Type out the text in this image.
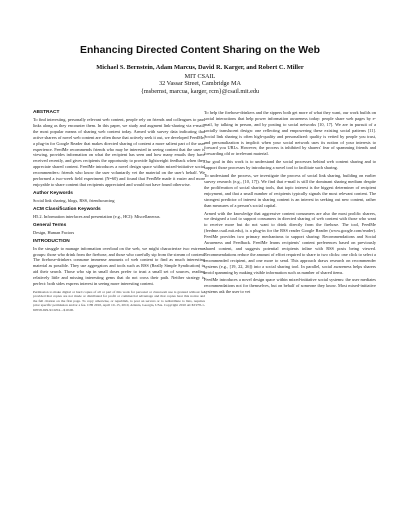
Enhancing Directed Content Sharing on the Web
Michael S. Bernstein, Adam Marcus, David R. Karger, and Robert C. Miller
MIT CSAIL
32 Vassar Street, Cambridge MA
{msbernst, marcua, karger, rcm}@csail.mit.edu
ABSTRACT

To find interesting, personally relevant web content, people rely on friends and colleagues to pass links along as they encounter them. In this paper, we study and augment link-sharing via e-mail, the most popular means of sharing web content today. Armed with survey data indicating that active sharers of novel web content are often those that actively seek it out, we developed FeedMe, a plug-in for Google Reader that makes directed sharing of content a more salient part of the user experience. FeedMe recommends friends who may be interested in seeing content that the user is viewing, provides information on what the recipient has seen and how many emails they have received recently, and gives recipients the opportunity to provide lightweight feedback when they appreciate shared content. FeedMe introduces a novel design space within mixed-initiative social recommenders: friends who know the user voluntarily vet the material on the user's behalf. We performed a two-week field experiment (N=60) and found that FeedMe made it easier and more enjoyable to share content that recipients appreciated and would not have found otherwise.

Author Keywords

Social link sharing, blogs, RSS, friendsourcing

ACM Classification Keywords

H5.2. Information interfaces and presentation (e.g., HCI): Miscellaneous.

General Terms

Design, Human Factors

INTRODUCTION

In the struggle to manage information overload on the web, we might characterize two extreme groups: those who drink from the firehose, and those who carefully sip from the stream of content. The firehose-drinkers consume immense amounts of web content to find as much interesting material as possible. They use aggregators and tools such as RSS (Really Simple Syndication) to aid their search. Those who sip in small doses prefer to trust a small set of sources, reading relatively little and missing interesting gems that do not cross their path. Neither strategy is perfect: both sides express interest in seeing more interesting content.

Permission to make digital or hard copies of all or part of this work for personal or classroom use is granted without fee provided that copies are not made or distributed for profit or commercial advantage and that copies bear this notice and the full citation on the first page. To copy otherwise, or republish, to post on servers or to redistribute to lists, requires prior specific permission and/or a fee. CHI 2010, April 10–15, 2010, Atlanta, Georgia, USA. Copyright 2010 ACM 978-1-60558-929-9/10/04....$10.00.

To help the firehose-drinkers and the sippers both get more of what they want, our work builds on social interactions that help power information awareness today: people share web pages by e-mail, by talking in person, and by posting to social networks [10, 17]. We are in pursuit of a socially translucent design: one reflecting and empowering these existing social patterns [11]. Social link sharing is often high-quality and personalized: quality is vetted by people you trust, and personalization is implicit when your social network uses its notion of your interests to forward you URLs. However, the process is inhibited by sharers' fear of spamming friends and forwarding old or irrelevant material.

Our goal in this work is to understand the social processes behind web content sharing and to support those processes by introducing a novel tool to facilitate such sharing.

To understand the process, we investigate the process of social link sharing, building on earlier survey research (e.g., [10, 17]). We find that e-mail is still the dominant sharing medium despite the proliferation of social sharing tools, that topic interest is the biggest determiner of recipient enjoyment, and that a small number of recipients typically signals the most relevant content. The strongest predictor of interest in sharing content is an interest in seeking out new content, rather than measures of a person's social capital.

Armed with the knowledge that aggressive content consumers are also the most prolific sharers, we designed a tool to support consumers in directed sharing of web content with those who want to receive more but do not want to drink directly from the firehose. The tool, FeedMe (feedme.csail.mit.edu), is a plug-in for the RSS reader Google Reader (www.google.com/reader). FeedMe provides two primary mechanisms to support sharing: Recommendations and Social Awareness and Feedback. FeedMe learns recipients' content preferences based on previously shared content, and suggests potential recipients inline with RSS posts being viewed. Recommendations reduce the amount of effort required to share to two clicks: one click to select a recommended recipient, and one more to send. This approach draws research on recommender systems (e.g., [19, 22, 26]) into a social sharing tool. In parallel, social awareness helps sharers avoid spamming by making visible information such as number of shared items.

FeedMe introduces a novel design space within mixed-initiative social systems: the user mediates recommendations not for themselves, but on behalf of someone they know. Most mixed-initiative systems ask the user to vet
